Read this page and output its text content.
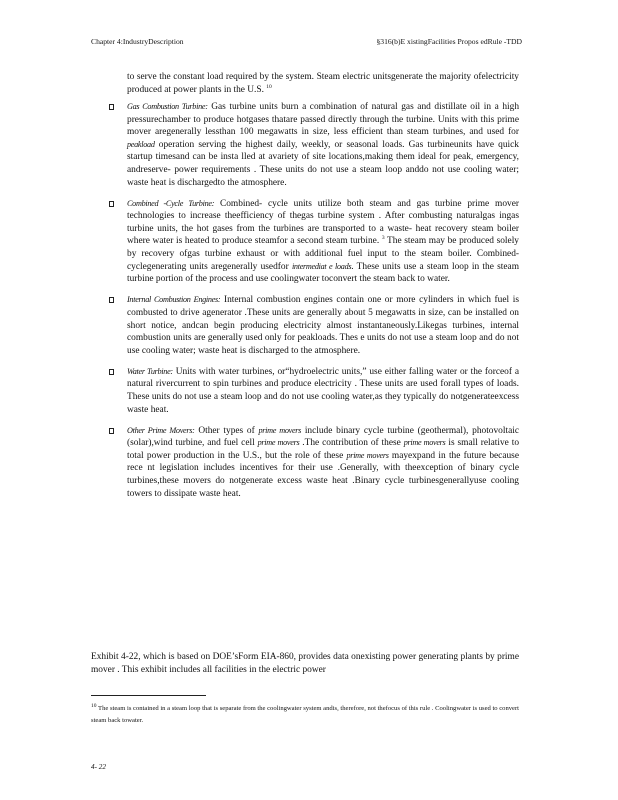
Chapter 4:IndustryDescription	§316(b)E xistingFacilities Propos edRule -TDD

to serve the constant load required by the system. Steam electric unitsgenerate the majority ofelectricity produced at power plants in the U.S. $^{10}$

Gas Combustion Turbine: Gas turbine units burn a combination of natural gas and distillate oil in a high pressurechamber to produce hotgases thatare passed directly through the turbine. Units with this prime mover aregenerally lessthan 100 megawatts in size, less efficient than steam turbines, and used for peakload operation serving the highest daily, weekly, or seasonal loads. Gas turbineunits have quick startup timesand can be insta lled at avariety of site locations,making them ideal for peak, emergency, andreserve- power requirements . These units do not use a steam loop anddo not use cooling water; waste heat is dischargedto the atmosphere.
Combined -Cycle Turbine: Combined- cycle units utilize both steam and gas turbine prime mover technologies to increase theefficiency of thegas turbine system . After combusting naturalgas ingas turbine units, the hot gases from the turbines are transported to a waste- heat recovery steam boiler where water is heated to produce steamfor a second steam turbine. $^3$ The steam may be produced solely by recovery ofgas turbine exhaust or with additional fuel input to the steam boiler. Combined- cyclegenerating units aregenerally usedfor intermediat e loads. These units use a steam loop in the steam turbine portion of the process and use coolingwater toconvert the steam back to water.
Internal Combustion Engines: Internal combustion engines contain one or more cylinders in which fuel is combusted to drive agenerator .These units are generally about 5 megawatts in size, can be installed on short notice, andcan begin producing electricity almost instantaneously.Likegas turbines, internal combustion units are generally used only for peakloads. Thes e units do not use a steam loop and do not use cooling water; waste heat is discharged to the atmosphere.
Water Turbine: Units with water turbines, or“hydroelectric units,” use either falling water or the forceof a natural rivercurrent to spin turbines and produce electricity . These units are used forall types of loads. These units do not use a steam loop and do not use cooling water,as they typically do notgenerateexcess waste heat.
Other Prime Movers: Other types of prime movers include binary cycle turbine (geothermal), photovoltaic (solar),wind turbine, and fuel cell prime movers .The contribution of these prime movers is small relative to total power production in the U.S., but the role of these prime movers mayexpand in the future because rece nt legislation includes incentives for their use .Generally, with theexception of binary cycle turbines,these movers do notgenerate excess waste heat .Binary cycle turbinesgenerallyuse cooling towers to dissipate waste heat.

Exhibit 4-22, which is based on DOE’sForm EIA-860, provides data onexisting power generating plants by prime mover . This exhibit includes all facilities in the electric power

$^{10}$ The steam is contained in a steam loop that is separate from the coolingwater system andis, therefore, not thefocus of this rule . Coolingwater is used to convert steam back towater.

4- 22
